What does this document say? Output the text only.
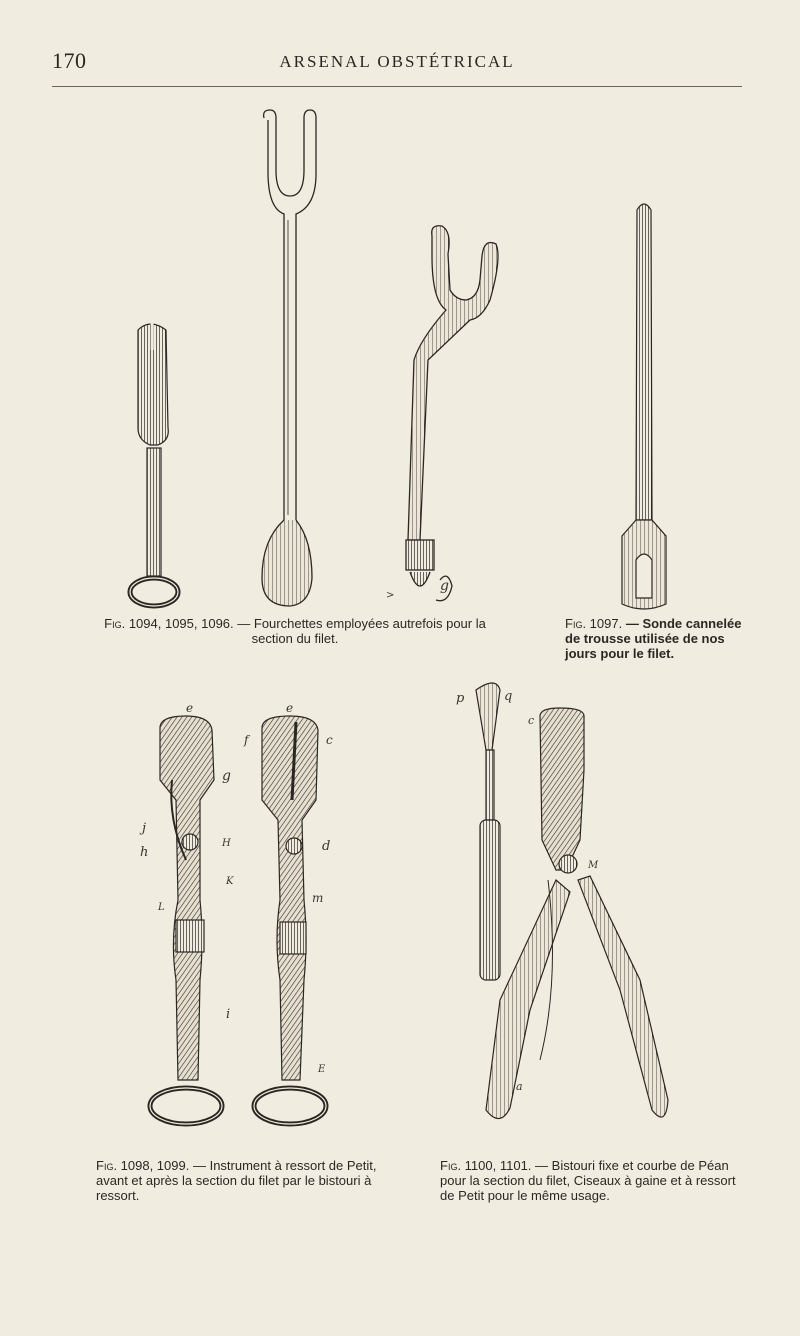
170	ARSENAL OBSTÉTRICAL
>
g
e
g
j
h
H
K
L
i
e
f	c
d
m
E
p	q
c
M
a
Fig. 1094, 1095, 1096. — Fourchettes employées autrefois pour la section du filet.
Fig. 1097. — Sonde cannelée de trousse utilisée de nos jours pour le filet.
Fig. 1098, 1099. — Instrument à ressort de Petit, avant et après la section du filet par le bistouri à ressort.
Fig. 1100, 1101. — Bistouri fixe et courbe de Péan pour la section du filet, Ciseaux à gaine et à ressort de Petit pour le même usage.
